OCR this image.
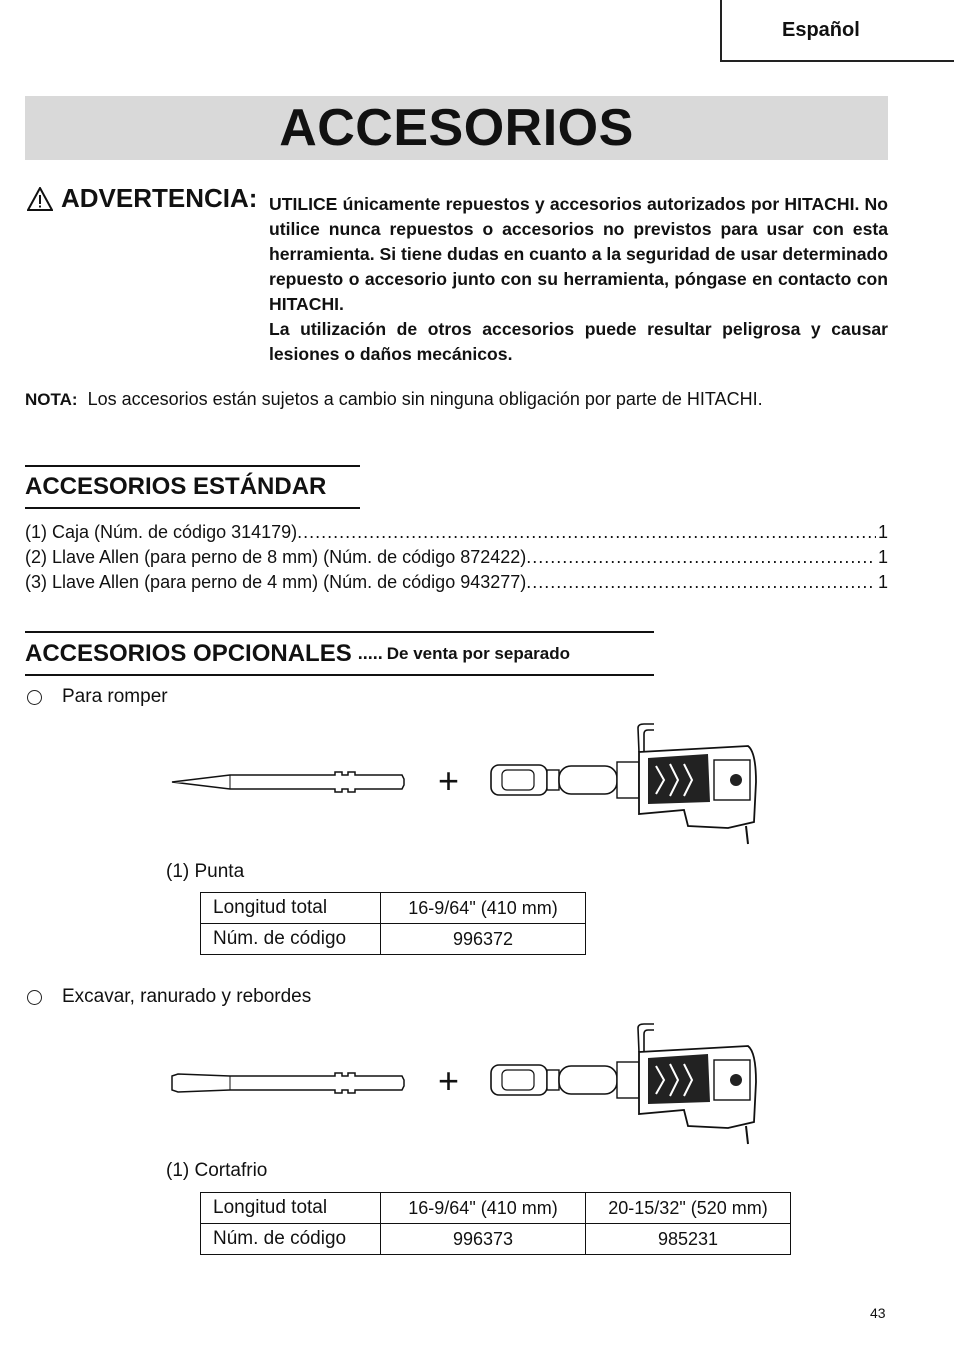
Español
ACCESORIOS
ADVERTENCIA: UTILICE únicamente repuestos y accesorios autorizados por HITACHI. No utilice nunca repuestos o accesorios no previstos para usar con esta herramienta. Si tiene dudas en cuanto a la seguridad de usar determinado repuesto o accesorio junto con su herramienta, póngase en contacto con HITACHI.

La utilización de otros accesorios puede resultar peligrosa y causar lesiones o daños mecánicos.

NOTA: Los accesorios están sujetos a cambio sin ninguna obligación por parte de HITACHI.
ACCESORIOS ESTÁNDAR
(1) Caja (Núm. de código 314179) .....	1
(2) Llave Allen (para perno de 8 mm) (Núm. de código 872422) .....	1
(3) Llave Allen (para perno de 4 mm) (Núm. de código 943277) .....	1
ACCESORIOS OPCIONALES ..... De venta por separado
Para romper
+
(1) Punta
Longitud total	16-9/64" (410 mm)
Núm. de código	996372
Excavar, ranurado y rebordes
+
(1) Cortafrio
Longitud total	16-9/64" (410 mm)	20-15/32" (520 mm)
Núm. de código	996373	985231
43
